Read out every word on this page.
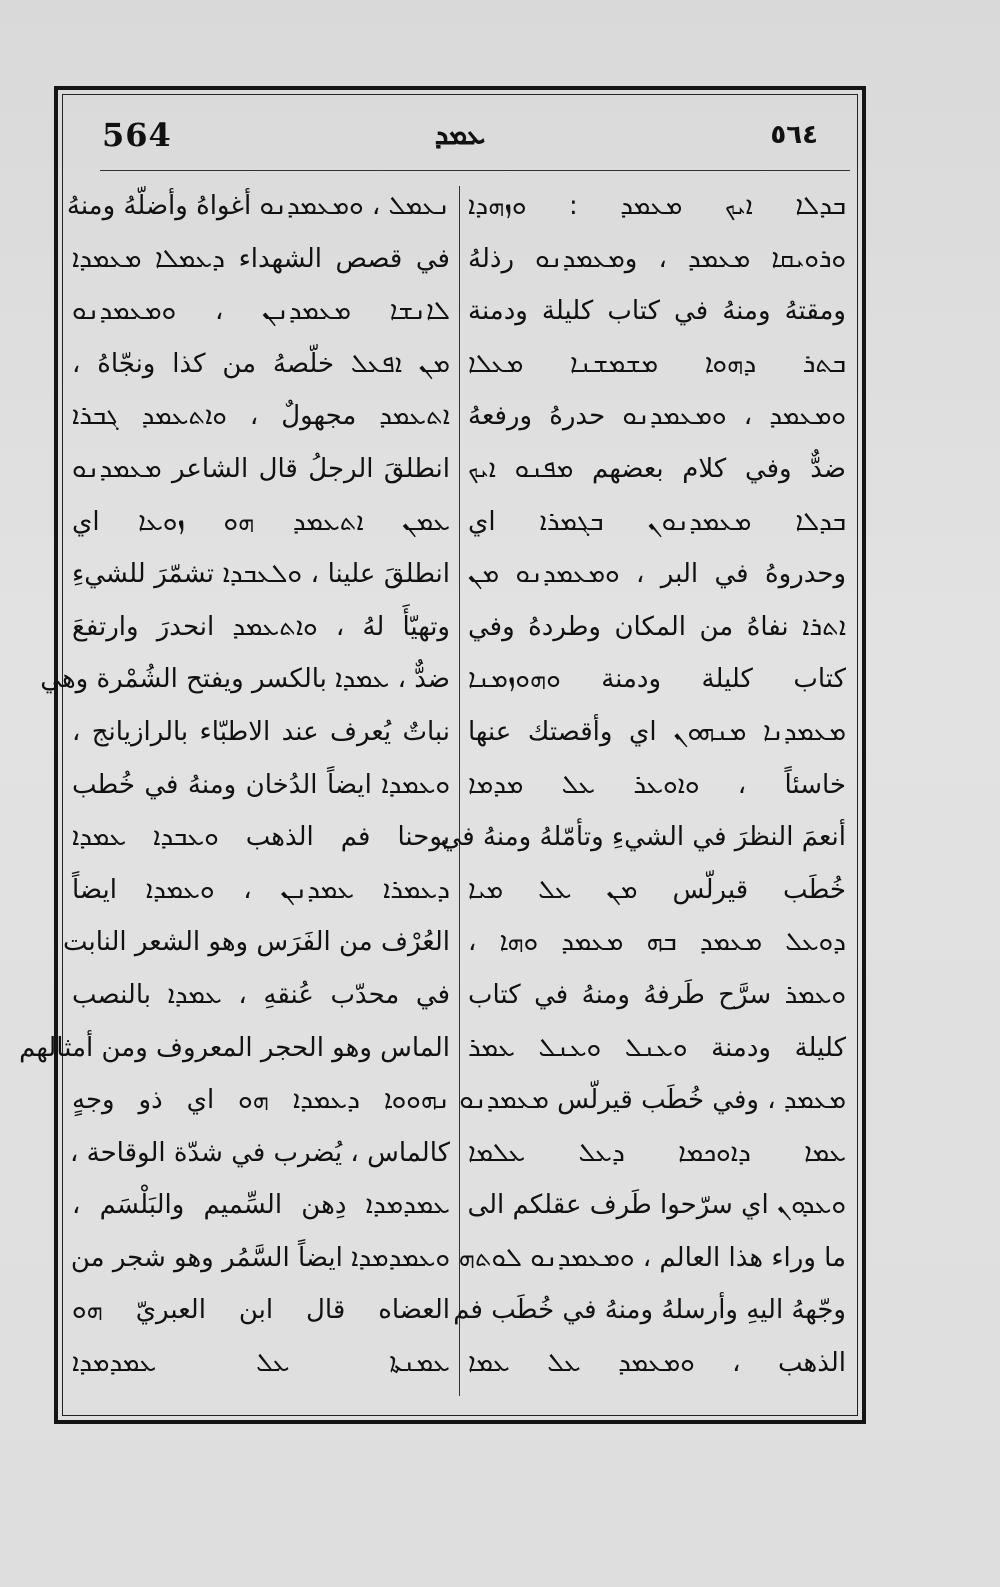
564	ܥܡܕ	٥٦٤
ܒܕܠܐ ܐܝܟ ܡܥܡܕ : ܘܙܗܕܐ
ܘܪܘܝܩܐ ܡܥܡܕ ، وܡܥܡܕܢܘ رذلهُ
ومقتهُ ومنهُ في كتاب كليلة ودمنة
ܒܬܪ ܕܗܘܐ ܡܫܡܫܢܐ ܡܥܠܐ
ܘܡܥܡܕ ، ܘܡܥܡܕܢܘ حدرهُ ورفعهُ
ضدٌّ وفي كلام بعضهم ܡܦܢܘ ܐܝܟ
ܒܕܠܐ ܡܥܡܕܢܘܢ ܒܓܡܪܐ اي
وحدروهُ في البر ، ܘܡܥܡܕܢܘ ܡܢ
ܐܬܪܐ نفاهُ من المكان وطردهُ وفي
كتاب كليلة ودمنة ܘܗܘܙܡܢܐ
ܡܥܡܕܢܐ ܡܢܗܘܢ اي وأقصتك عنها
خاسئاً ، ܘܐܘܥܪ ܥܠ ܡܕܡܐ
أنعمَ النظرَ في الشيءِ وتأمّلهُ ومنهُ في
خُطَب قيرلّس ܡܢ ܥܠ ܡܝܐ
ܕܘܥܠ ܡܥܡܕ ܒܗ ܡܥܡܕ ܘܗܐ ،
ܘܥܡܪ سرَّح طَرفهُ ومنهُ في كتاب
كليلة ودمنة ܘܥܢܠ ܘܥܢܠ ܥܡܪ
ܡܥܡܕ ، وفي خُطَب قيرلّس ܡܥܡܕܢܘ
ܥܡܐ ܕܐܘܟܡܐ ܕܥܠ ܥܠܡܐ
ܘܥܕܘܢ اي سرّحوا طَرف عقلكم الى
ما وراء هذا العالم ، ܘܡܥܡܕܢܘ ܠܘܬܗ
وجّههُ اليهِ وأرسلهُ ومنهُ في خُطَب فم
الذهب ، ܘܡܥܡܕ ܥܠ ܥܡܐ
ܢܥܡܠ ، ܘܡܥܡܕܢܘ أغواهُ وأضلّهُ ومنهُ
في قصص الشهداء ܕܥܡܠܐ ܡܥܡܕܐ
ܠܐܢܫܐ ܡܥܡܕܢܢ ، ܘܡܥܡܕܢܘ
ܡܢ ܐܦܥܠ خلّصهُ من كذا ونجّاهُ ،
ܐܬܥܡܕ مجهولٌ ، ܘܐܬܥܡܕ ܓܒܪܐ
انطلقَ الرجلُ قال الشاعر ܡܥܡܕܢܘ
ܥܡܢ ܐܬܥܡܕ ܗܘ ܙܘܥܐ اي
انطلقَ علينا ، ܘܠܥܒܕܐ تشمّرَ للشيءِ
وتهيّأَ لهُ ، ܘܐܬܥܡܕ انحدرَ وارتفعَ
ضدٌّ ، ܥܡܕܐ بالكسر ويفتح الشُمْرة وهي
نباتٌ يُعرف عند الاطبّاء بالرازيانج ،
ܘܥܡܕܐ ايضاً الدُخان ومنهُ في خُطب
يوحنا فم الذهب ܘܥܒܕܐ ܥܡܕܐ
ܕܥܡܪܐ ܥܡܕܢܢ ، ܘܥܡܕܐ ايضاً
العُرْف من الفَرَس وهو الشعر النابت
في محدّب عُنقهِ ، ܥܡܕܐ بالنصب
الماس وهو الحجر المعروف ومن أمثالهم
ܢܗܘܘܐ ܕܥܡܕܐ ܗܘ اي ذو وجهٍ
كالماس ، يُضرب في شدّة الوقاحة ،
ܥܡܕܡܕܐ دِهن السِّميم والبَلْسَم ،
ܘܥܡܕܡܕܐ ايضاً السَّمُر وهو شجر من
العضاه قال ابن العبريّ ܗܘ
ܥܡܢܬܐ ܥܠ ܥܡܕܡܕܐ
